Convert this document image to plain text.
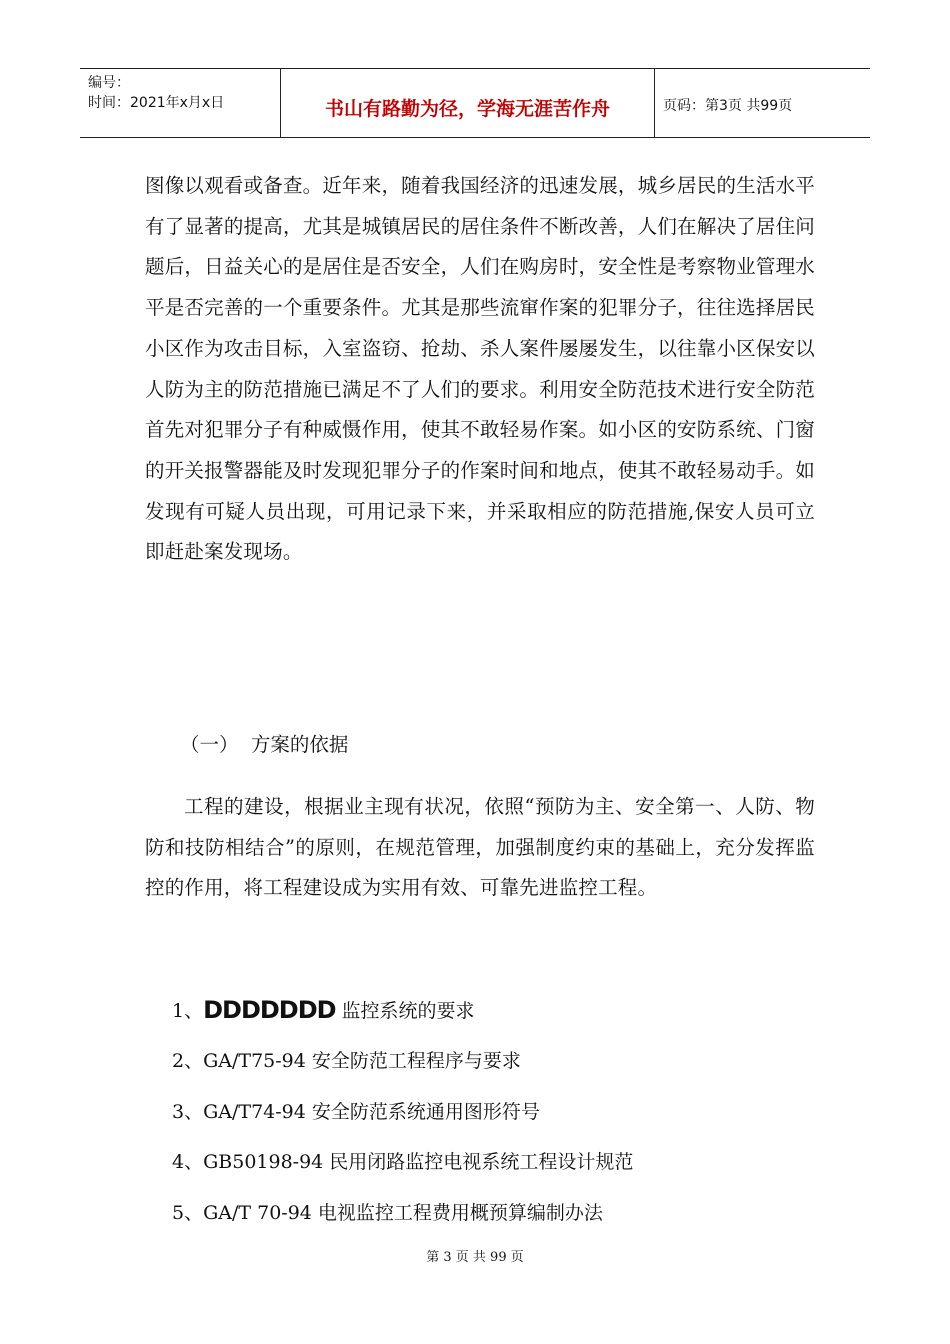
编号：
时间：2021年x月x日	书山有路勤为径，学海无涯苦作舟	页码：第3页 共99页

图像以观看或备查。近年来，随着我国经济的迅速发展，城乡居民的生活水平有了显著的提高，尤其是城镇居民的居住条件不断改善，人们在解决了居住问题后，日益关心的是居住是否安全，人们在购房时，安全性是考察物业管理水平是否完善的一个重要条件。尤其是那些流窜作案的犯罪分子，往往选择居民小区作为攻击目标，入室盗窃、抢劫、杀人案件屡屡发生，以往靠小区保安以人防为主的防范措施已满足不了人们的要求。利用安全防范技术进行安全防范首先对犯罪分子有种威慑作用，使其不敢轻易作案。如小区的安防系统、门窗的开关报警器能及时发现犯罪分子的作案时间和地点，使其不敢轻易动手。如发现有可疑人员出现，可用记录下来，并采取相应的防范措施,保安人员可立即赶赴案发现场。

（一）  方案的依据

工程的建设，根据业主现有状况，依照“预防为主、安全第一、人防、物防和技防相结合”的原则，在规范管理，加强制度约束的基础上，充分发挥监控的作用，将工程建设成为实用有效、可靠先进监控工程。

1、DDDDDDD 监控系统的要求
2、GA/T75-94 安全防范工程程序与要求
3、GA/T74-94 安全防范系统通用图形符号
4、GB50198-94 民用闭路监控电视系统工程设计规范
5、GA/T 70-94 电视监控工程费用概预算编制办法
第 3 页 共 99 页
